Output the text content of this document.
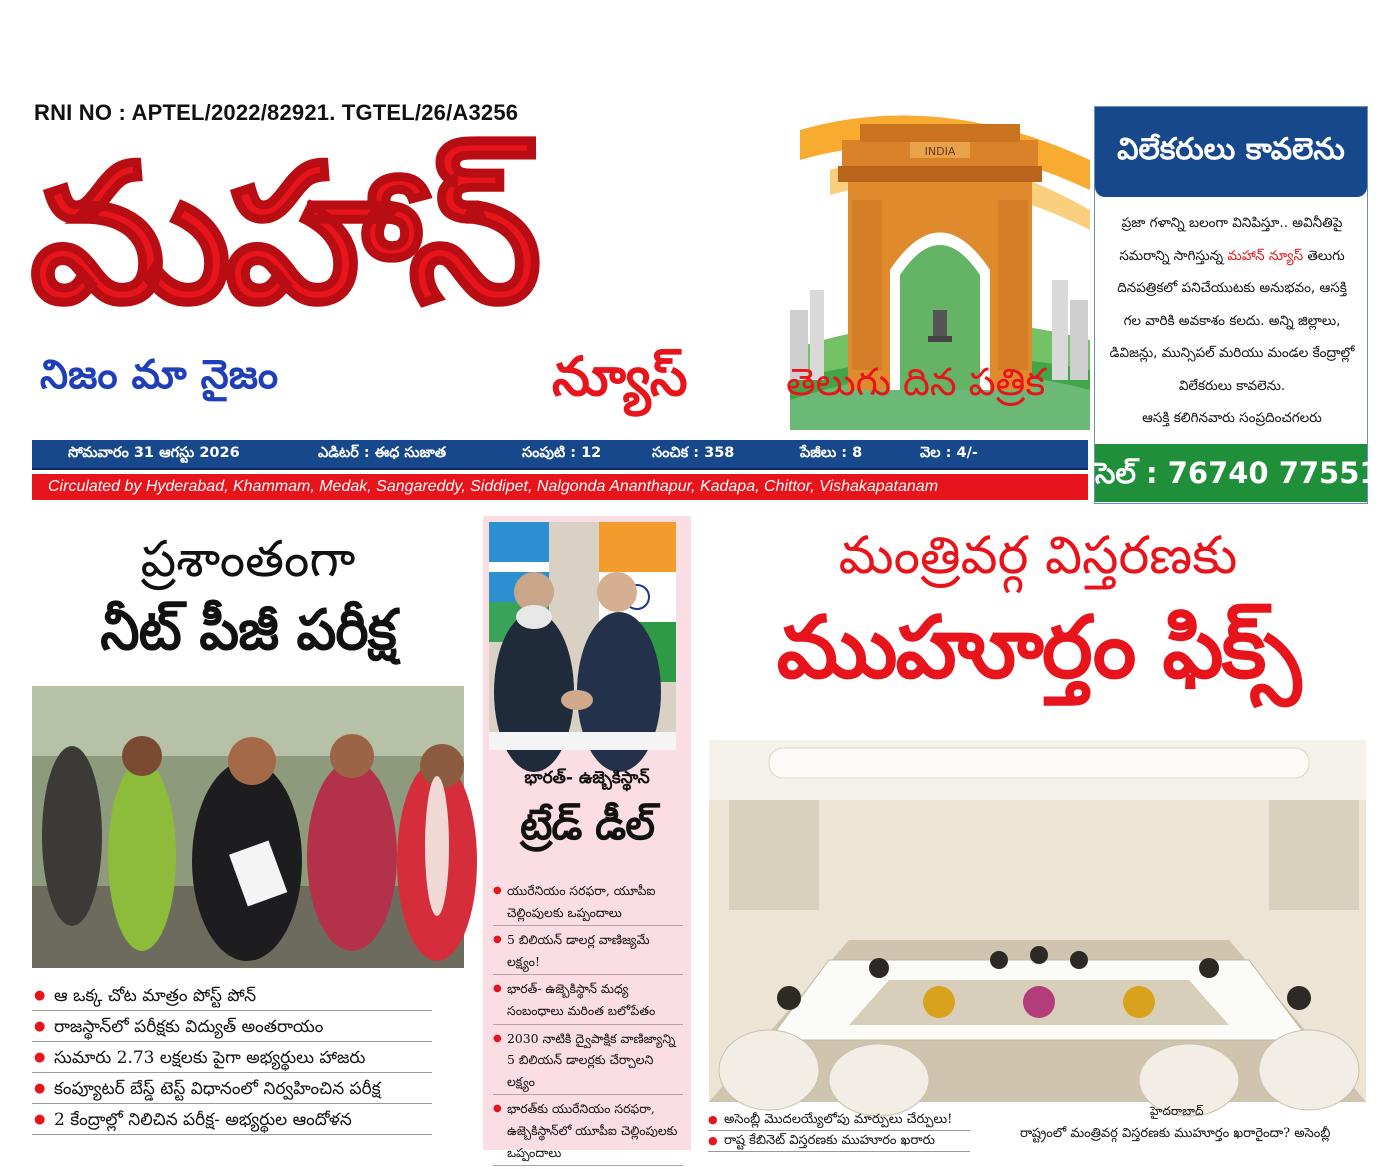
RNI NO : APTEL/2022/82921. TGTEL/26/A3256
INDIA
మహాన్
నిజం మా నైజం	న్యూస్	తెలుగు దిన పత్రిక
విలేకరులు కావలెను
ప్రజా గళాన్ని బలంగా వినిపిస్తూ.. అవినీతిపై
సమరాన్ని సాగిస్తున్న మహాన్ న్యూస్ తెలుగు
దినపత్రికలో పనిచేయుటకు అనుభవం, ఆసక్తి
గల వారికి అవకాశం కలదు. అన్ని జిల్లాలు,
డివిజన్లు, మున్సిపల్ మరియు మండల కేంద్రాల్లో
విలేకరులు కావలెను.
ఆసక్తి కలిగినవారు సంప్రదించగలరు
సెల్ : 76740 77551
సోమవారం 31 ఆగస్టు 2026	ఎడిటర్ : ఈధ సుజాత	సంపుటి : 12	సంచిక : 358	పేజీలు : 8	వెల : 4/-
Circulated by Hyderabad, Khammam, Medak, Sangareddy, Siddipet, Nalgonda Ananthapur, Kadapa, Chittor, Vishakapatanam
ప్రశాంతంగా
నీట్ పీజీ పరీక్ష
● ఆ ఒక్క చోట మాత్రం పోస్ట్ పోన్
● రాజస్థాన్‌లో పరీక్షకు విద్యుత్ అంతరాయం
● సుమారు 2.73 లక్షలకు పైగా అభ్యర్థులు హాజరు
● కంప్యూటర్ బేస్డ్ టెస్ట్ విధానంలో నిర్వహించిన పరీక్ష
● 2 కేంద్రాల్లో నిలిచిన పరీక్ష- అభ్యర్థుల ఆందోళన
భారత్- ఉజ్బెకిస్థాన్
ట్రేడ్ డీల్
● యురేనియం సరఫరా, యూపీఐ చెల్లింపులకు ఒప్పందాలు
● 5 బిలియన్ డాలర్ల వాణిజ్యమే లక్ష్యం!
● భారత్- ఉజ్బెకిస్థాన్ మధ్య సంబంధాలు మరింత బలోపేతం
● 2030 నాటికి ద్వైపాక్షిక వాణిజ్యాన్ని 5 బిలియన్ డాలర్లకు చేర్చాలని లక్ష్యం
● భారత్‌కు యురేనియం సరఫరా, ఉజ్బెకిస్థాన్‌లో యూపీఐ చెల్లింపులకు ఒప్పందాలు
మంత్రివర్గ విస్తరణకు
ముహూర్తం ఫిక్స్
● అసెంబ్లీ మొదలయ్యేలోపు మార్పులు చేర్పులు!
● రాష్ట కేబినెట్ విస్తరణకు ముహూరం ఖరారు
హైదరాబాద్
రాష్ట్రంలో మంత్రివర్గ విస్తరణకు ముహూర్తం ఖరారైందా? అసెంబ్లీ
